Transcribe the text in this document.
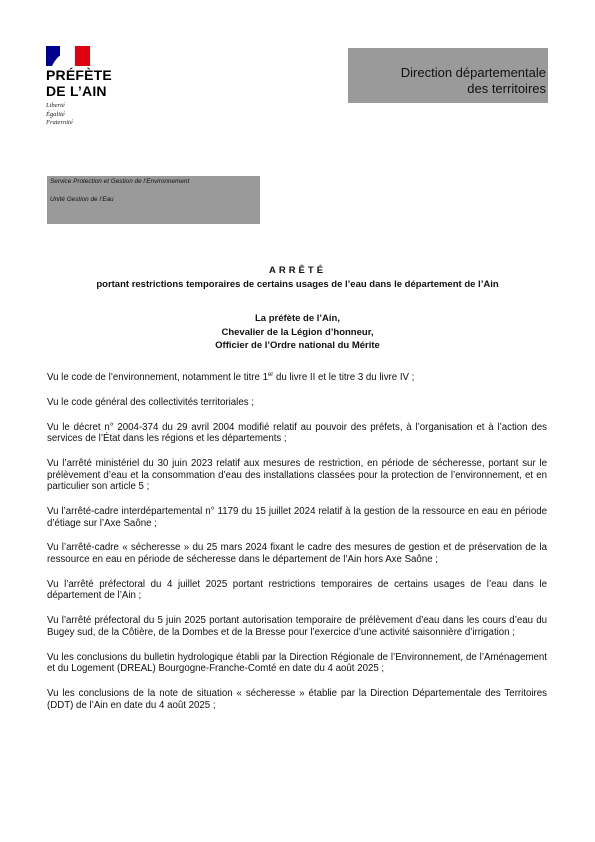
PRÉFÈTE
DE L’AIN
Liberté
Égalité
Fraternité
Direction départementale
des territoires
Service Protection et Gestion de l’Environnement
Unité Gestion de l’Eau
ARRÊTÉ
portant restrictions temporaires de certains usages de l’eau dans le département de l’Ain
La préfète de l’Ain,
Chevalier de la Légion d’honneur,
Officier de l’Ordre national du Mérite

Vu le code de l’environnement, notamment le titre 1er du livre II et le titre 3 du livre IV ;

Vu le code général des collectivités territoriales ;

Vu le décret n° 2004-374 du 29 avril 2004 modifié relatif au pouvoir des préfets, à l’organisation et à l’action des services de l’État dans les régions et les départements ;

Vu l’arrêté ministériel du 30 juin 2023 relatif aux mesures de restriction, en période de sécheresse, portant sur le prélèvement d’eau et la consommation d’eau des installations classées pour la protection de l’environnement, et en particulier son article 5 ;

Vu l’arrêté-cadre interdépartemental n° 1179 du 15 juillet 2024 relatif à la gestion de la ressource en eau en période d’étiage sur l’Axe Saône ;

Vu l’arrêté-cadre « sécheresse » du 25 mars 2024 fixant le cadre des mesures de gestion et de préservation de la ressource en eau en période de sécheresse dans le département de l’Ain hors Axe Saône ;

Vu l’arrêté préfectoral du 4 juillet 2025 portant restrictions temporaires de certains usages de l’eau dans le département de l’Ain ;

Vu l’arrêté préfectoral du 5 juin 2025 portant autorisation temporaire de prélèvement d’eau dans les cours d’eau du Bugey sud, de la Côtière, de la Dombes et de la Bresse pour l’exercice d’une activité saisonnière d’irrigation ;

Vu les conclusions du bulletin hydrologique établi par la Direction Régionale de l’Environnement, de l’Aménagement et du Logement (DREAL) Bourgogne-Franche-Comté en date du 4 août 2025 ;

Vu les conclusions de la note de situation « sécheresse » établie par la Direction Départementale des Territoires (DDT) de l’Ain en date du 4 août 2025 ;
